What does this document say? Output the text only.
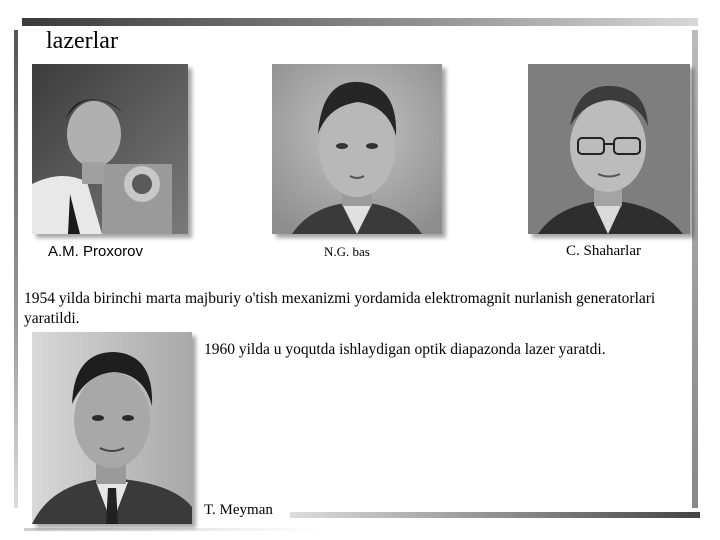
lazerlar
A.M. Proxorov	N.G. bas	C. Shaharlar
1954 yilda birinchi marta majburiy o'tish mexanizmi yordamida elektromagnit nurlanish generatorlari yaratildi.
1960 yilda u yoqutda ishlaydigan optik diapazonda lazer yaratdi.
T. Meyman
